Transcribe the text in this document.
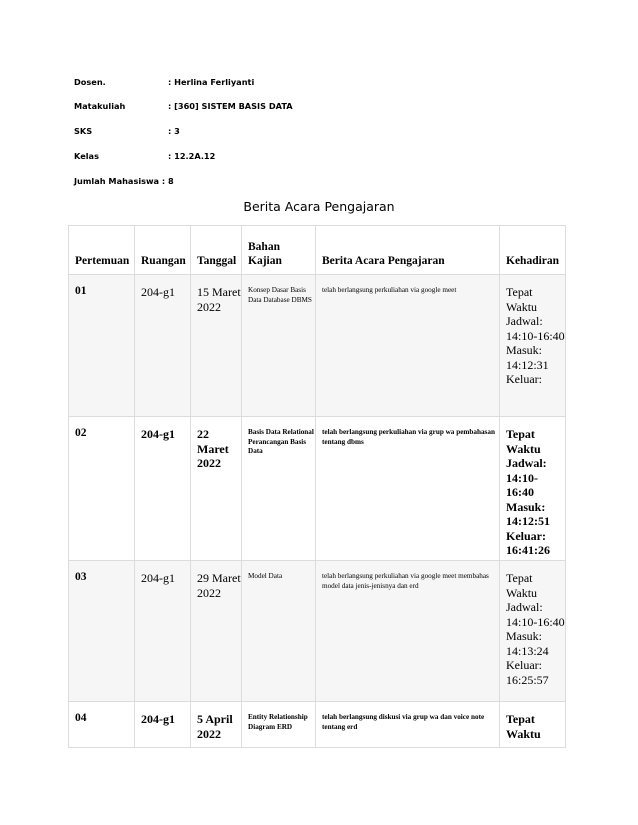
Dosen.	: Herlina Ferliyanti
Matakuliah	: [360] SISTEM BASIS DATA
SKS	: 3
Kelas	: 12.2A.12
Jumlah Mahasiswa : 8
Berita Acara Pengajaran
Pertemuan	Ruangan	Tanggal	Bahan Kajian	Berita Acara Pengajaran	Kehadiran
01	204-g1	15 Maret 2022	Konsep Dasar Basis Data Database DBMS	telah berlangsung perkuliahan via google meet	Tepat Waktu
Jadwal: 14:10-16:40
Masuk: 14:12:31
Keluar:

02	204-g1	22 Maret 2022	Basis Data Relational Perancangan Basis Data	telah berlangsung perkuliahan via grup wa pembahasan tentang dbms	Tepat Waktu
Jadwal: 14:10-16:40
Masuk: 14:12:51
Keluar: 16:41:26

03	204-g1	29 Maret 2022	Model Data	telah berlangsung perkuliahan via google meet membahas model data jenis-jenisnya dan erd	Tepat Waktu
Jadwal: 14:10-16:40
Masuk: 14:13:24
Keluar: 16:25:57

04	204-g1	5 April 2022	Entity Relationship Diagram ERD	telah berlangsung diskusi via grup wa dan voice note tentang erd	Tepat Waktu
